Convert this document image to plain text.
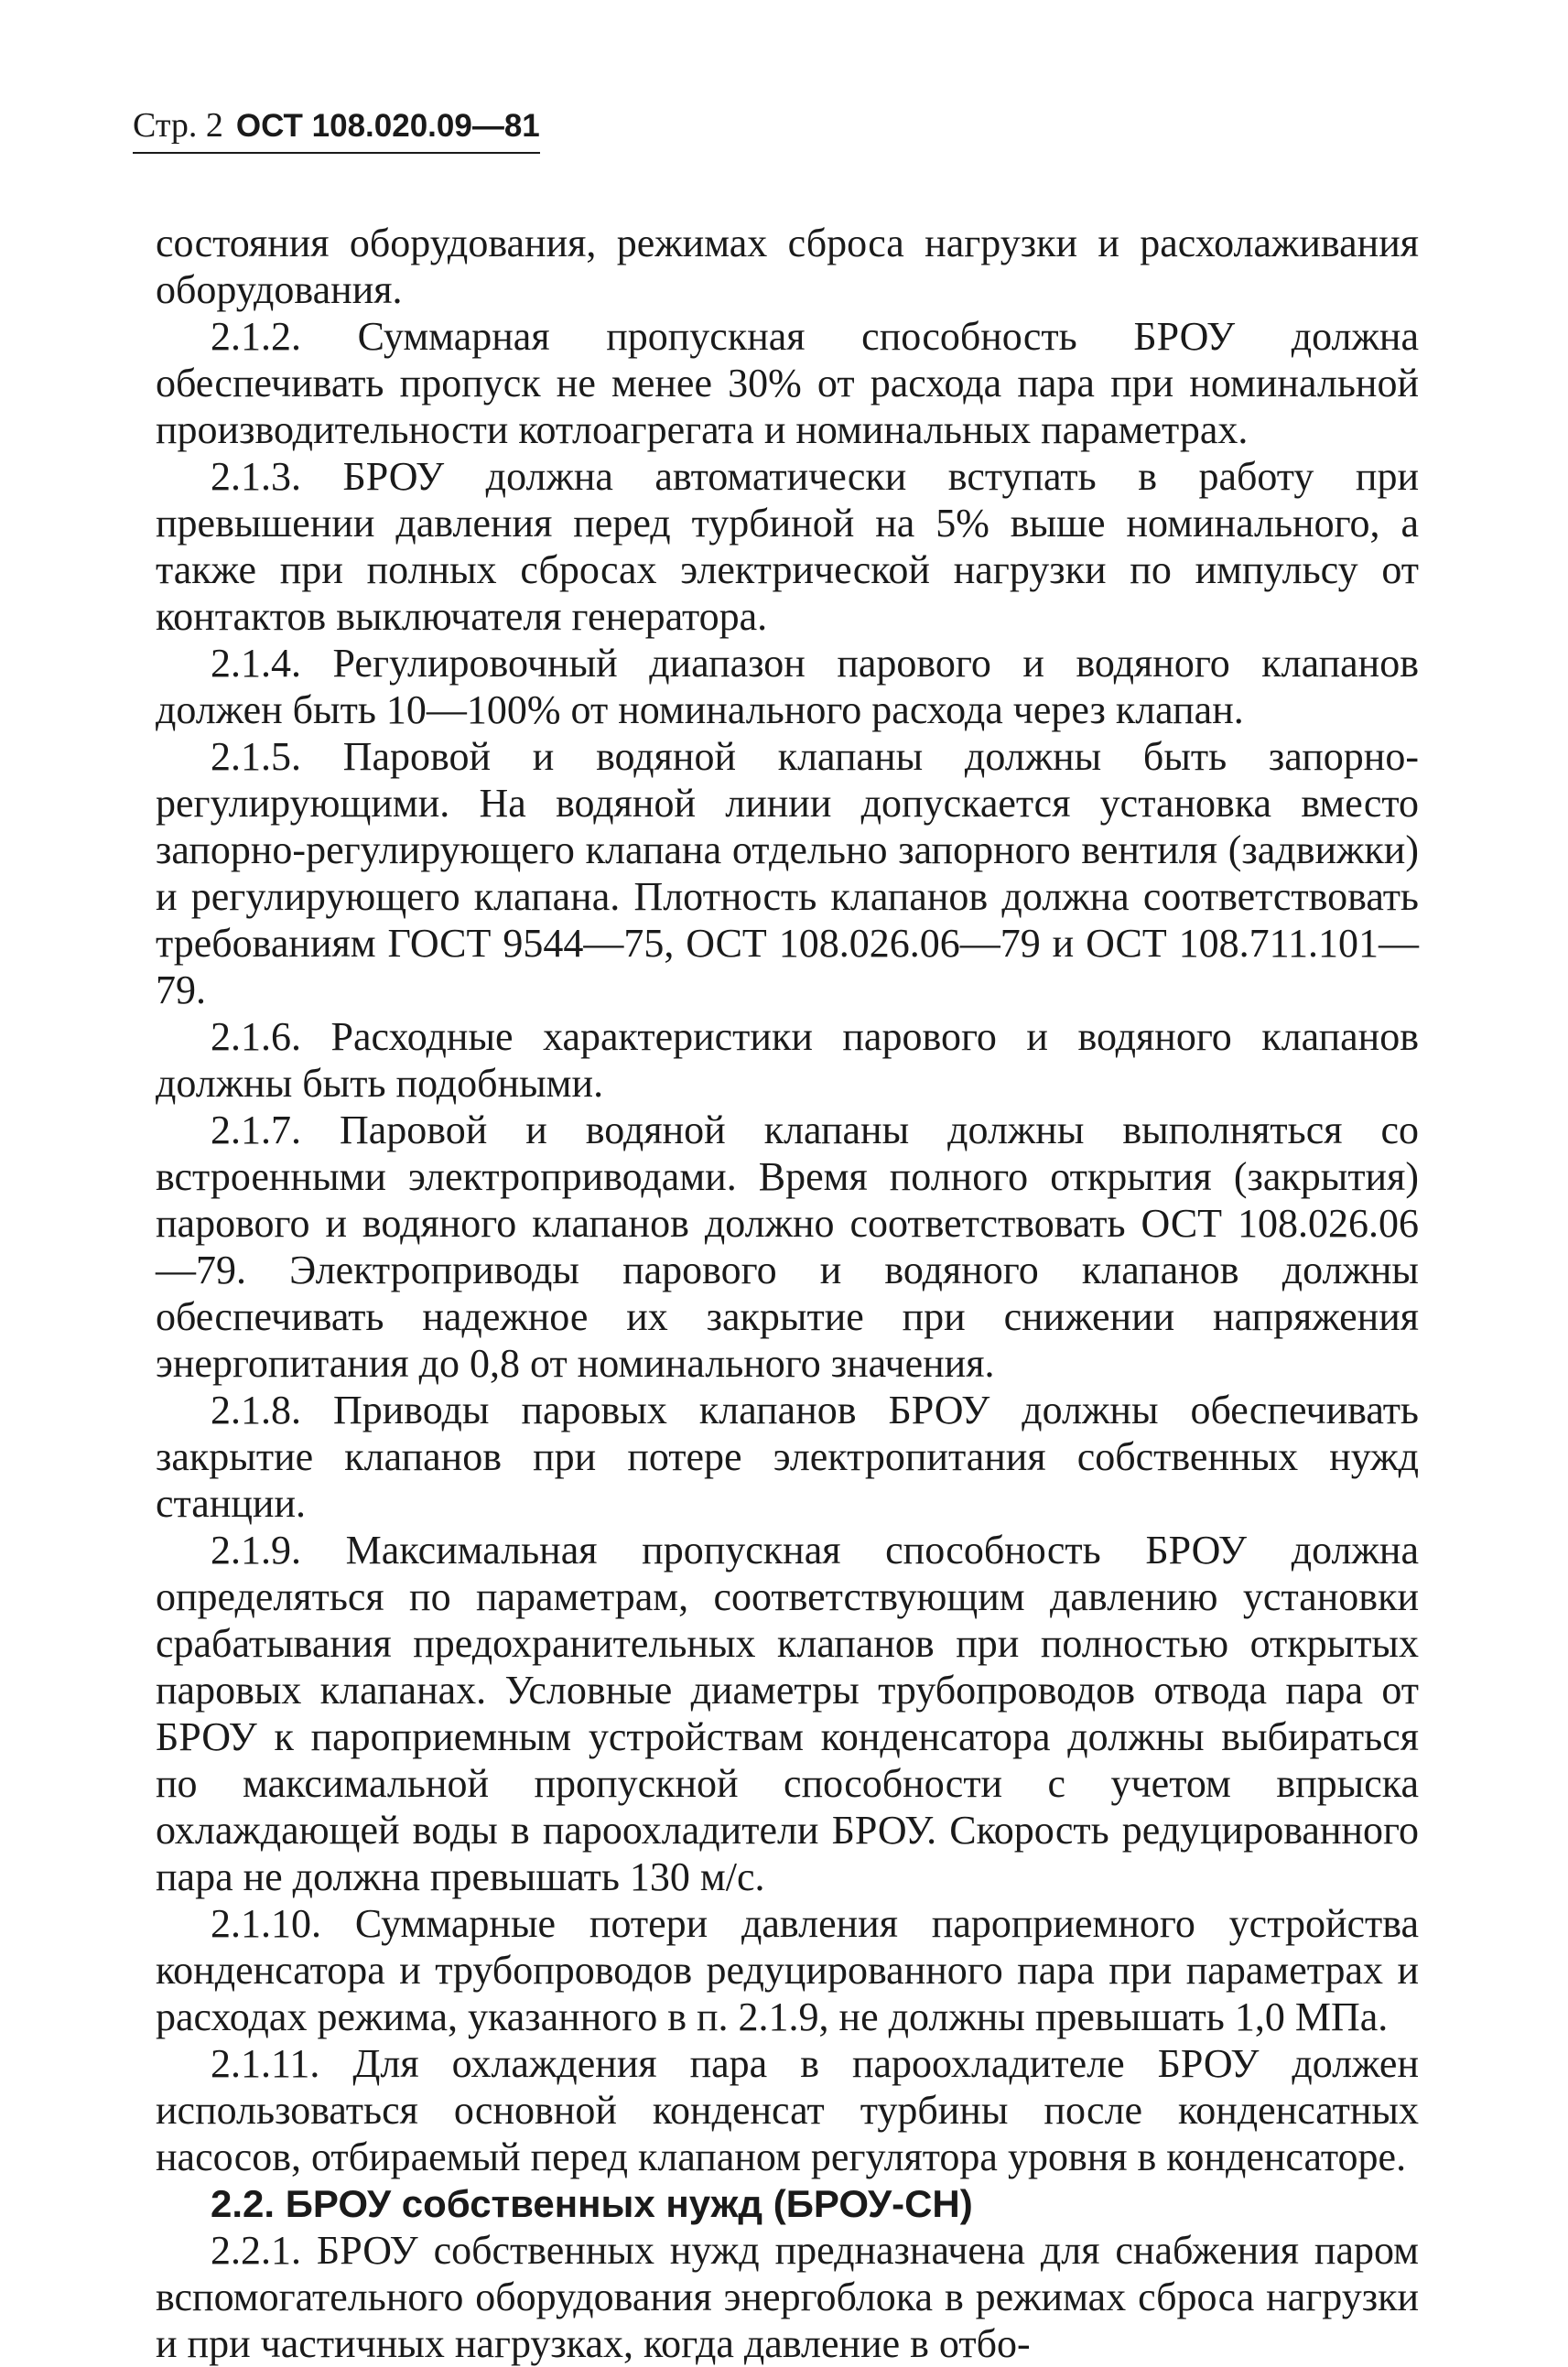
Стр. 2 ОСТ 108.020.09—81

состояния оборудования, режимах сброса нагрузки и расхолаживания оборудования.

2.1.2. Суммарная пропускная способность БРОУ должна обеспечивать пропуск не менее 30% от расхода пара при номинальной производительности котлоагрегата и номинальных параметрах.

2.1.3. БРОУ должна автоматически вступать в работу при превышении давления перед турбиной на 5% выше номинального, а также при полных сбросах электрической нагрузки по импульсу от контактов выключателя генератора.

2.1.4. Регулировочный диапазон парового и водяного клапанов должен быть 10—100% от номинального расхода через клапан.

2.1.5. Паровой и водяной клапаны должны быть запорно-регулирующими. На водяной линии допускается установка вместо запорно-регулирующего клапана отдельно запорного вентиля (задвижки) и регулирующего клапана. Плотность клапанов должна соответствовать требованиям ГОСТ 9544—75, ОСТ 108.026.06—79 и ОСТ 108.711.101—79.

2.1.6. Расходные характеристики парового и водяного клапанов должны быть подобными.

2.1.7. Паровой и водяной клапаны должны выполняться со встроенными электроприводами. Время полного открытия (закрытия) парового и водяного клапанов должно соответствовать ОСТ 108.026.06—79. Электроприводы парового и водяного клапанов должны обеспечивать надежное их закрытие при снижении напряжения энергопитания до 0,8 от номинального значения.

2.1.8. Приводы паровых клапанов БРОУ должны обеспечивать закрытие клапанов при потере электропитания собственных нужд станции.

2.1.9. Максимальная пропускная способность БРОУ должна определяться по параметрам, соответствующим давлению установки срабатывания предохранительных клапанов при полностью открытых паровых клапанах. Условные диаметры трубопроводов отвода пара от БРОУ к пароприемным устройствам конденсатора должны выбираться по максимальной пропускной способности с учетом впрыска охлаждающей воды в пароохладители БРОУ. Скорость редуцированного пара не должна превышать 130 м/с.

2.1.10. Суммарные потери давления пароприемного устройства конденсатора и трубопроводов редуцированного пара при параметрах и расходах режима, указанного в п. 2.1.9, не должны превышать 1,0 МПа.

2.1.11. Для охлаждения пара в пароохладителе БРОУ должен использоваться основной конденсат турбины после конденсатных насосов, отбираемый перед клапаном регулятора уровня в конденсаторе.

2.2. БРОУ собственных нужд (БРОУ-СН)

2.2.1. БРОУ собственных нужд предназначена для снабжения паром вспомогательного оборудования энергоблока в режимах сброса нагрузки и при частичных нагрузках, когда давление в отбо-
